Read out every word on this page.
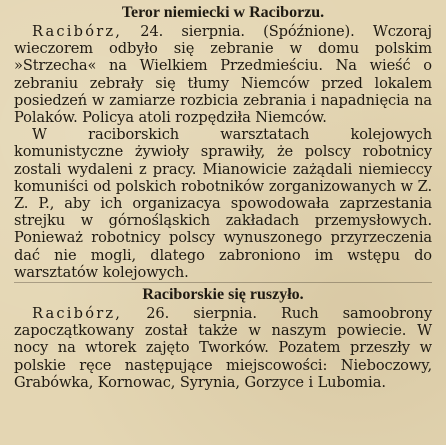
Teror niemiecki w Raciborzu.

Racibórz, 24. sierpnia. (Spóźnione). Wczoraj wieczorem odbyło się zebranie w domu polskim »Strzecha« na Wielkiem Przedmieściu. Na wieść o zebraniu zebrały się tłumy Niemców przed lokalem posiedzeń w zamiarze rozbicia zebrania i napadnięcia na Polaków. Policya atoli rozpędziła Niemców.

W raciborskich warsztatach kolejowych komunistyczne żywioły sprawiły, że polscy robotnicy zostali wydaleni z pracy. Mianowicie zażądali niemieccy komuniści od polskich robotników zorganizowanych w Z. Z. P., aby ich organizacya spowodowała zaprzestania strejku w górnośląskich zakładach przemysłowych. Ponieważ robotnicy polscy wynuszonego przyrzeczenia dać nie mogli, dlatego zabroniono im wstępu do warsztatów kolejowych.

Raciborskie się ruszyło.

Racibórz, 26. sierpnia. Ruch samoobrony zapoczątkowany został także w naszym powiecie. W nocy na wtorek zajęto Tworków. Pozatem przeszły w polskie ręce następujące miejscowości: Nieboczowy, Grabówka, Kornowac, Syrynia, Gorzyce i Lubomia.
